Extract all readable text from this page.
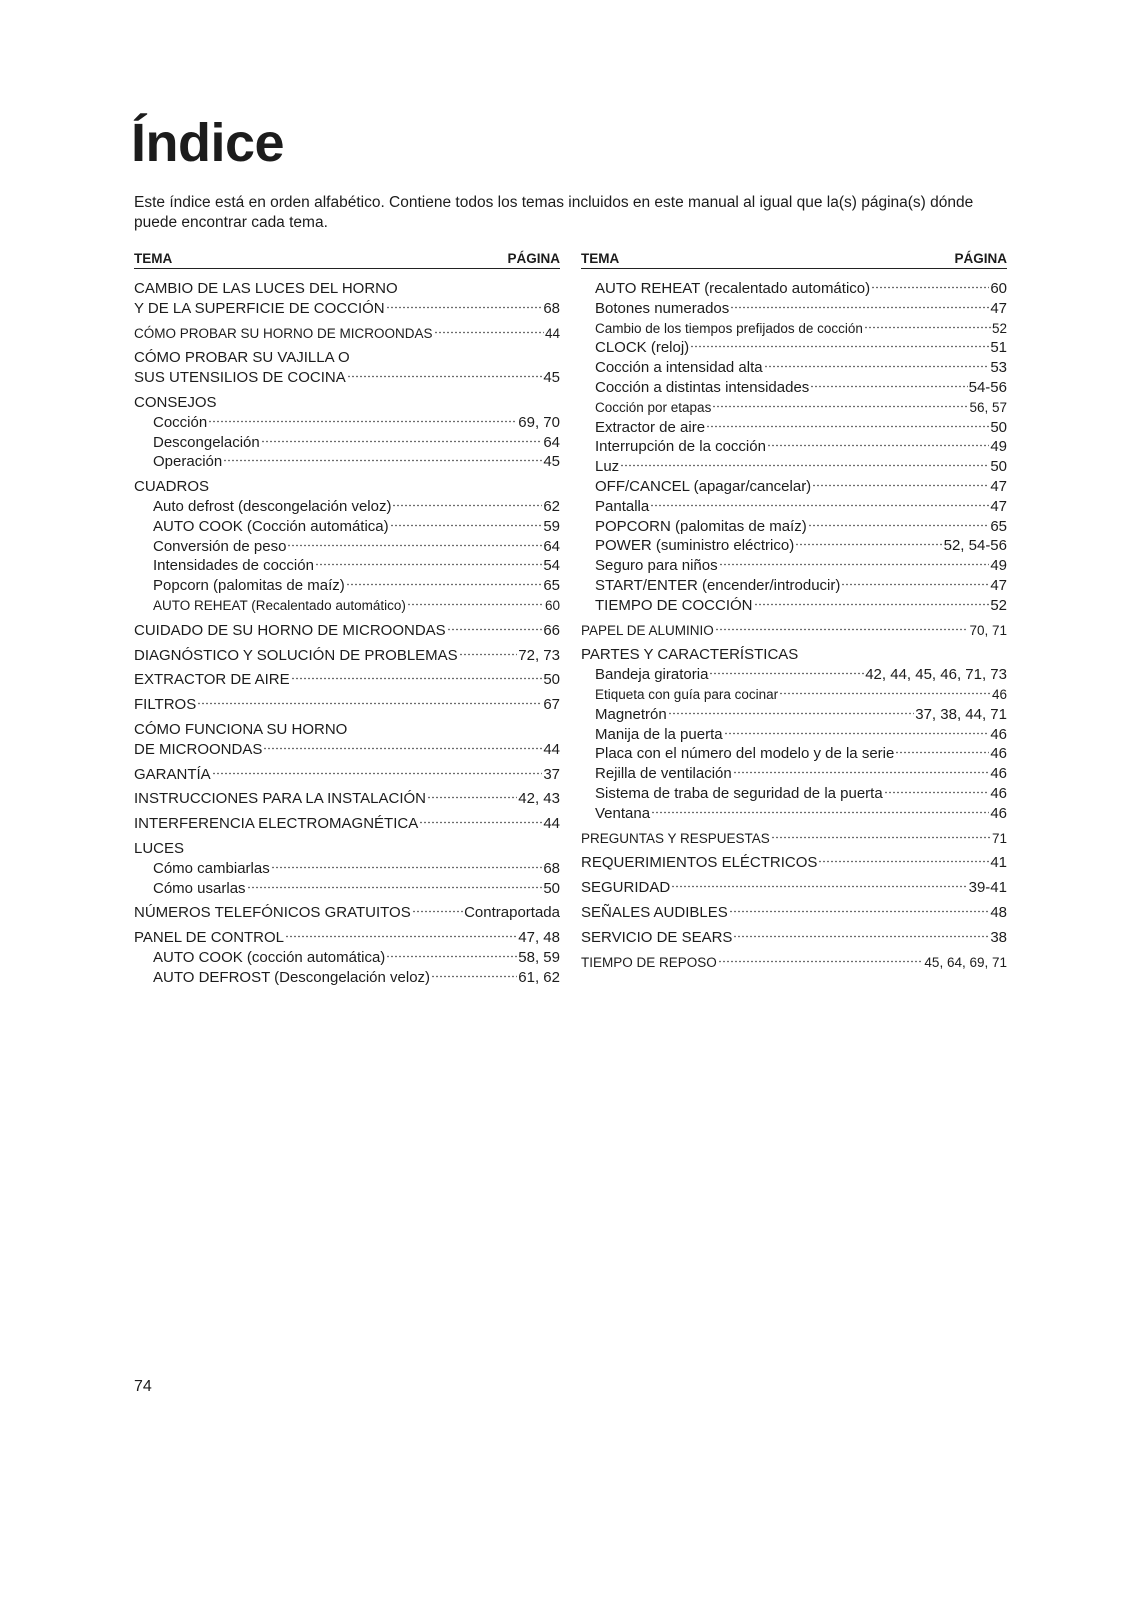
Índice

Este índice está en orden alfabético. Contiene todos los temas incluidos en este manual al igual que la(s) página(s) dónde puede encontrar cada tema.

TEMA	PÁGINA
CAMBIO DE LAS LUCES DEL HORNO
Y DE LA SUPERFICIE DE COCCIÓN	68
CÓMO PROBAR SU HORNO DE MICROONDAS	44
CÓMO PROBAR SU VAJILLA O
SUS UTENSILIOS DE COCINA	45
CONSEJOS
Cocción	69, 70
Descongelación	64
Operación	45
CUADROS
Auto defrost (descongelación veloz)	62
AUTO COOK (Cocción automática)	59
Conversión de peso	64
Intensidades de cocción	54
Popcorn (palomitas de maíz)	65
AUTO REHEAT (Recalentado automático)	60
CUIDADO DE SU HORNO DE MICROONDAS	66
DIAGNÓSTICO Y SOLUCIÓN DE PROBLEMAS	72, 73
EXTRACTOR DE AIRE	50
FILTROS	67
CÓMO FUNCIONA SU HORNO
DE MICROONDAS	44
GARANTÍA	37
INSTRUCCIONES PARA LA INSTALACIÓN	42, 43
INTERFERENCIA ELECTROMAGNÉTICA	44
LUCES
Cómo cambiarlas	68
Cómo usarlas	50
NÚMEROS TELEFÓNICOS GRATUITOS	Contraportada
PANEL DE CONTROL	47, 48
AUTO COOK (cocción automática)	58, 59
AUTO DEFROST (Descongelación veloz)	61, 62
TEMA	PÁGINA
AUTO REHEAT (recalentado automático)	60
Botones numerados	47
Cambio de los tiempos prefijados de cocción	52
CLOCK (reloj)	51
Cocción a intensidad alta	53
Cocción a distintas intensidades	54-56
Cocción por etapas	56, 57
Extractor de aire	50
Interrupción de la cocción	49
Luz	50
OFF/CANCEL (apagar/cancelar)	47
Pantalla	47
POPCORN (palomitas de maíz)	65
POWER (suministro eléctrico)	52, 54-56
Seguro para niños	49
START/ENTER (encender/introducir)	47
TIEMPO DE COCCIÓN	52
PAPEL DE ALUMINIO	70, 71
PARTES Y CARACTERÍSTICAS
Bandeja giratoria	42, 44, 45, 46, 71, 73
Etiqueta con guía para cocinar	46
Magnetrón	37, 38, 44, 71
Manija de la puerta	46
Placa con el número del modelo y de la serie	46
Rejilla de ventilación	46
Sistema de traba de seguridad de la puerta	46
Ventana	46
PREGUNTAS Y RESPUESTAS	71
REQUERIMIENTOS ELÉCTRICOS	41
SEGURIDAD	39-41
SEÑALES AUDIBLES	48
SERVICIO DE SEARS	38
TIEMPO DE REPOSO	45, 64, 69, 71
74
